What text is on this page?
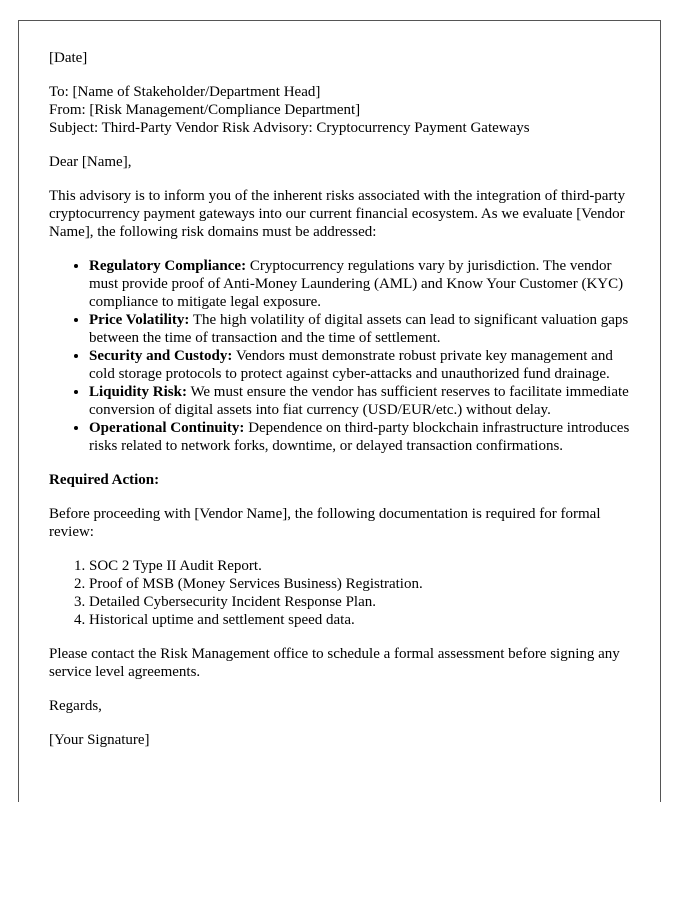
[Date]

To: [Name of Stakeholder/Department Head]
From: [Risk Management/Compliance Department]
Subject: Third-Party Vendor Risk Advisory: Cryptocurrency Payment Gateways

Dear [Name],

This advisory is to inform you of the inherent risks associated with the integration of third-party cryptocurrency payment gateways into our current financial ecosystem. As we evaluate [Vendor Name], the following risk domains must be addressed:

• Regulatory Compliance: Cryptocurrency regulations vary by jurisdiction. The vendor must provide proof of Anti-Money Laundering (AML) and Know Your Customer (KYC) compliance to mitigate legal exposure.
• Price Volatility: The high volatility of digital assets can lead to significant valuation gaps between the time of transaction and the time of settlement.
• Security and Custody: Vendors must demonstrate robust private key management and cold storage protocols to protect against cyber-attacks and unauthorized fund drainage.
• Liquidity Risk: We must ensure the vendor has sufficient reserves to facilitate immediate conversion of digital assets into fiat currency (USD/EUR/etc.) without delay.
• Operational Continuity: Dependence on third-party blockchain infrastructure introduces risks related to network forks, downtime, or delayed transaction confirmations.

Required Action:

Before proceeding with [Vendor Name], the following documentation is required for formal review:

1. SOC 2 Type II Audit Report.
2. Proof of MSB (Money Services Business) Registration.
3. Detailed Cybersecurity Incident Response Plan.
4. Historical uptime and settlement speed data.

Please contact the Risk Management office to schedule a formal assessment before signing any service level agreements.

Regards,

[Your Signature]
